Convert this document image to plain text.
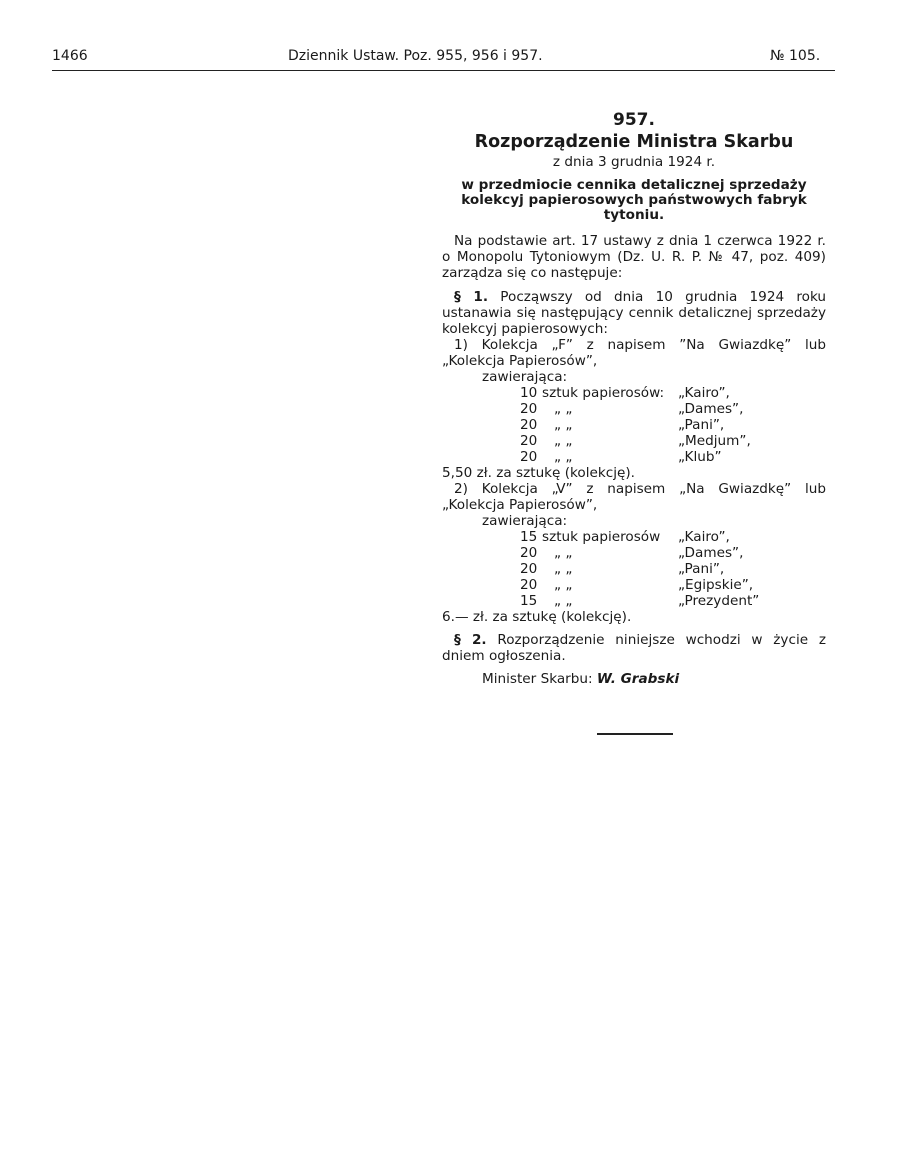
1466	Dziennik Ustaw. Poz. 955, 956 i 957.	№ 105.
957.
Rozporządzenie Ministra Skarbu
z dnia 3 grudnia 1924 r.
w przedmiocie cennika detalicznej sprzedaży kolekcyj papierosowych państwowych fabryk tytoniu.
Na podstawie art. 17 ustawy z dnia 1 czerwca 1922 r. o Monopolu Tytoniowym (Dz. U. R. P. № 47, poz. 409) zarządza się co następuje:
§ 1. Począwszy od dnia 10 grudnia 1924 roku ustanawia się następujący cennik detalicznej sprzedaży kolekcyj papierosowych:
1) Kolekcja „F” z napisem ”Na Gwiazdkę” lub
„Kolekcja Papierosów”,
zawierająca:
10 sztuk papierosów: „Kairo”,
20 „ „	„Dames”,
20 „ „	„Pani”,
20 „ „	„Medjum”,
20 „ „	„Klub”
5,50 zł. za sztukę (kolekcję).
2) Kolekcja „V” z napisem „Na Gwiazdkę” lub
„Kolekcja Papierosów”,
zawierająca:
15 sztuk papierosów „Kairo”,
20 „ „	„Dames”,
20 „ „	„Pani”,
20 „ „	„Egipskie”,
15 „ „	„Prezydent”
6.— zł. za sztukę (kolekcję).
§ 2. Rozporządzenie niniejsze wchodzi w życie z dniem ogłoszenia.
Minister Skarbu: W. Grabski
